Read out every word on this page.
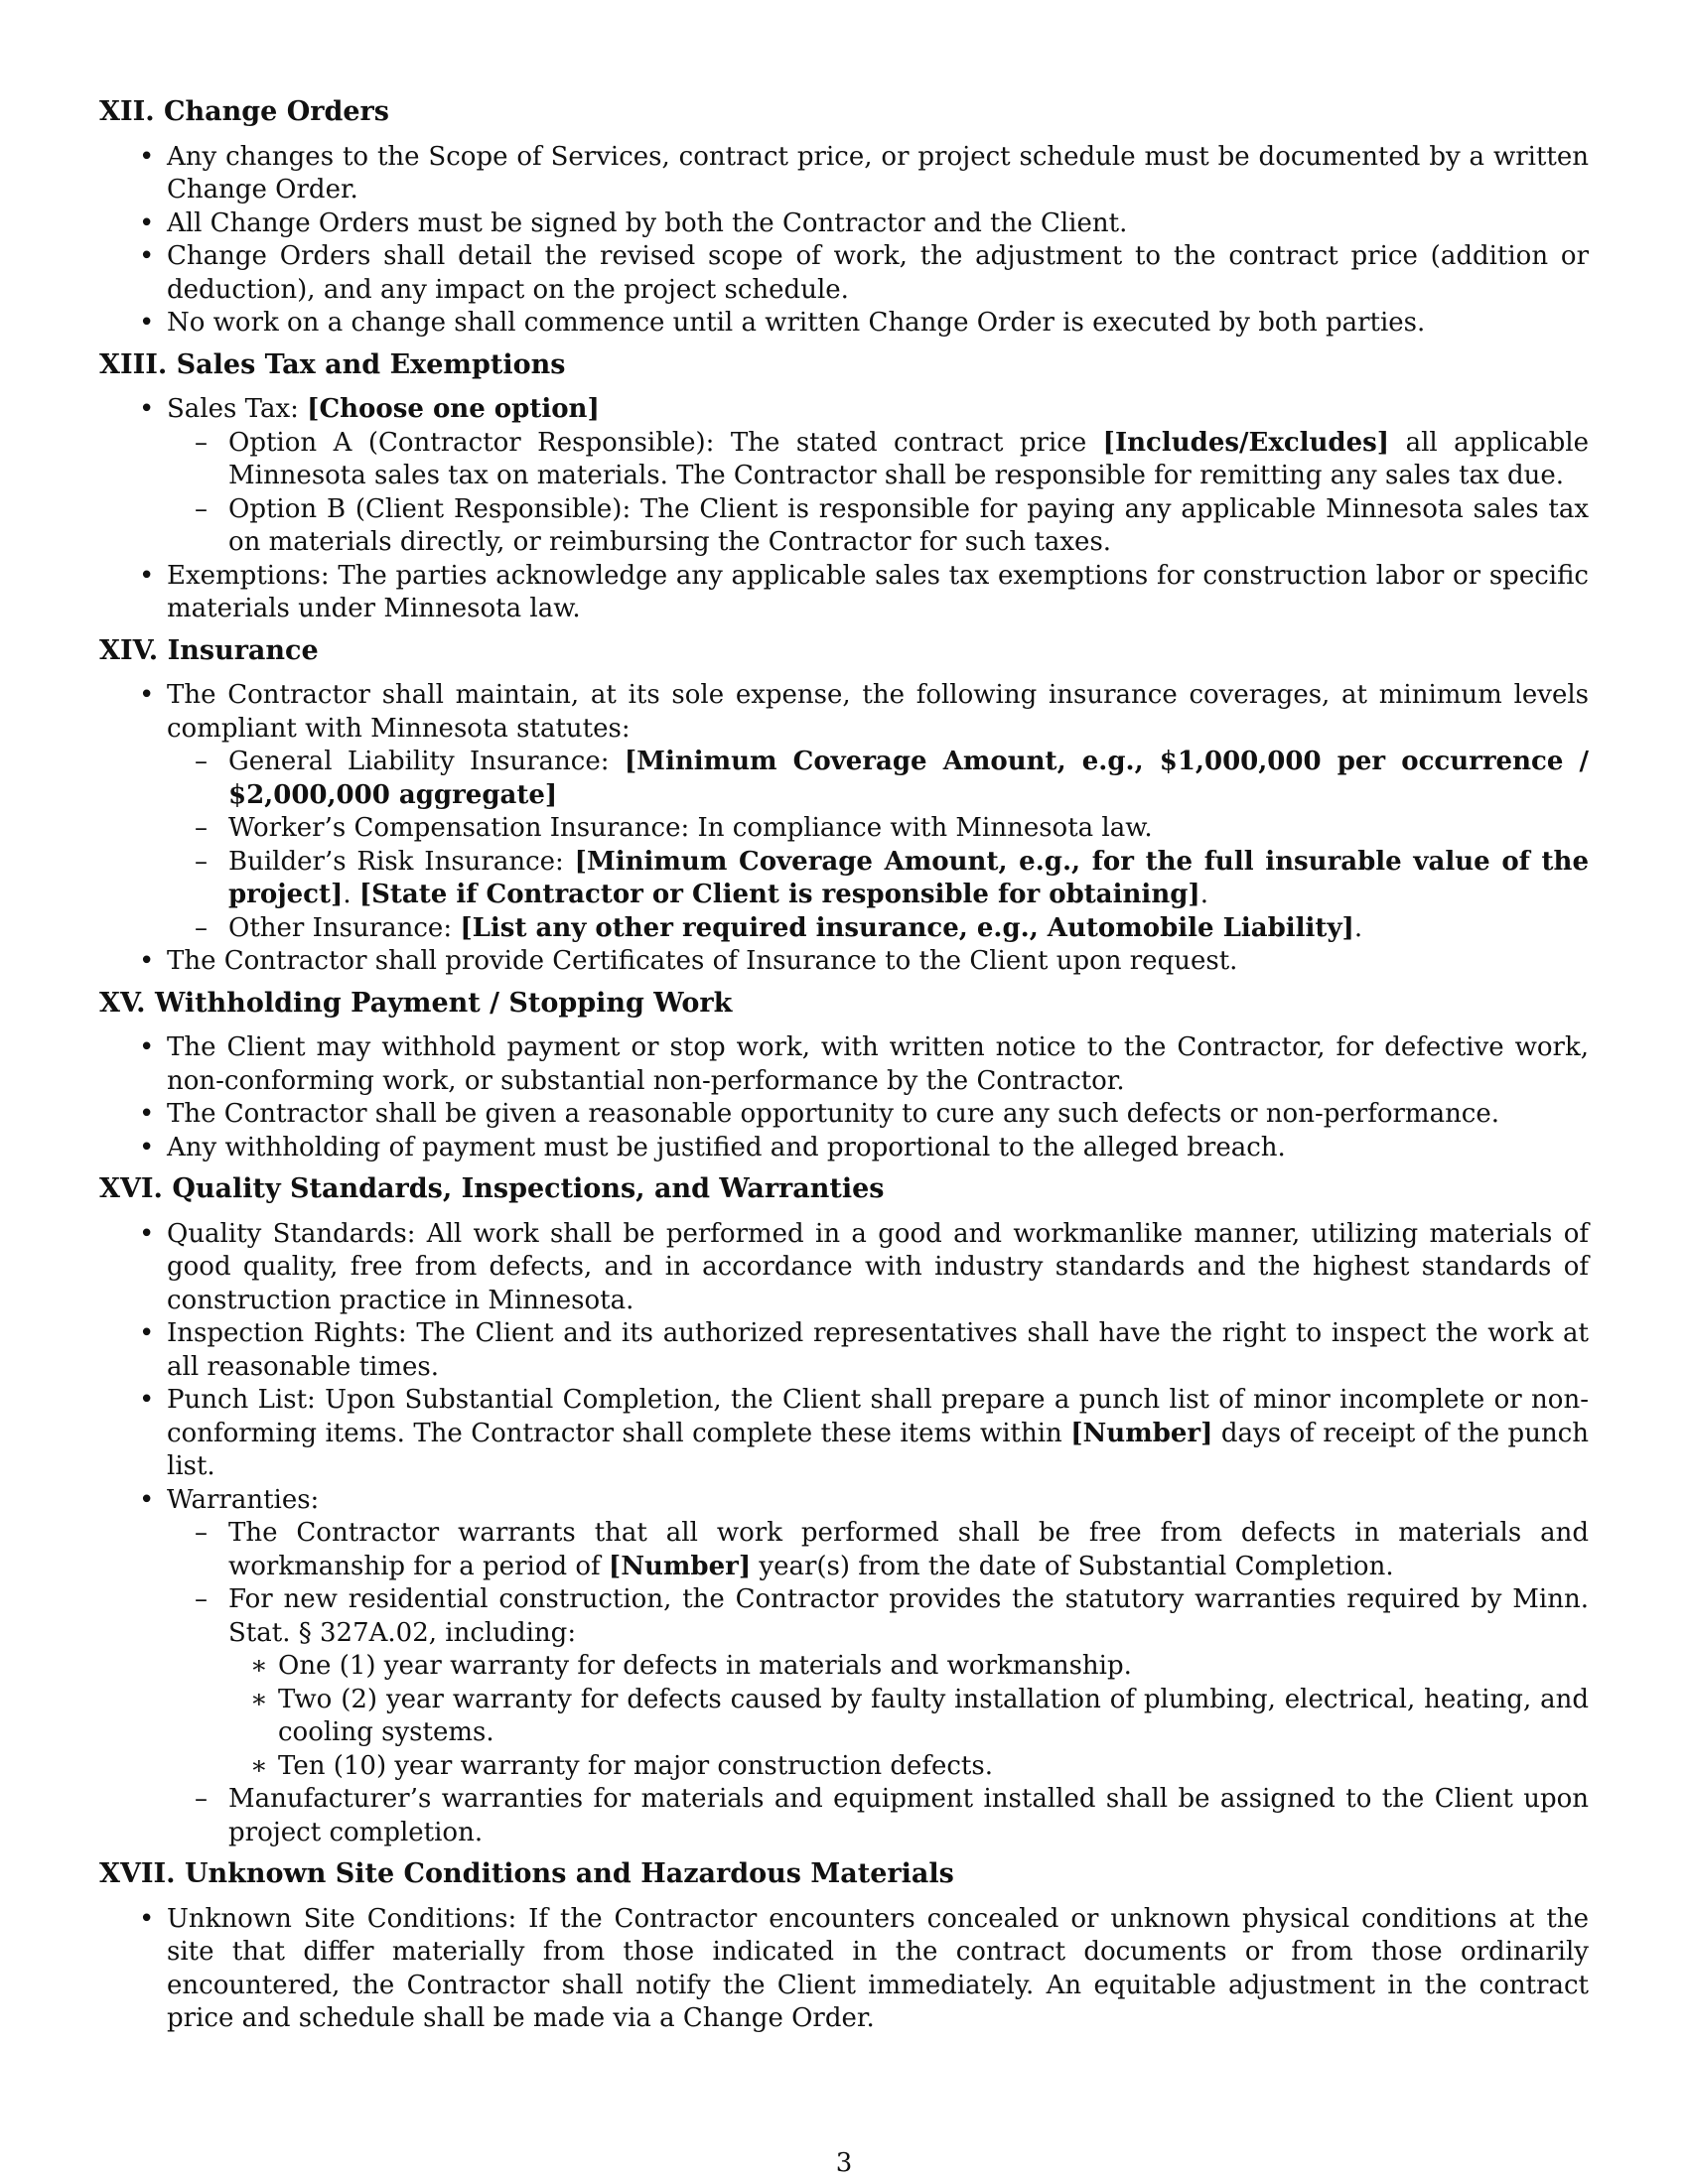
XII. Change Orders
• Any changes to the Scope of Services, contract price, or project schedule must be documented by a written Change Order.
• All Change Orders must be signed by both the Contractor and the Client.
• Change Orders shall detail the revised scope of work, the adjustment to the contract price (addition or deduction), and any impact on the project schedule.
• No work on a change shall commence until a written Change Order is executed by both parties.
XIII. Sales Tax and Exemptions
• Sales Tax: [Choose one option]
– Option A (Contractor Responsible): The stated contract price [Includes/Excludes] all applicable Minnesota sales tax on materials. The Contractor shall be responsible for remitting any sales tax due.
– Option B (Client Responsible): The Client is responsible for paying any applicable Minnesota sales tax on materials directly, or reimbursing the Contractor for such taxes.
• Exemptions: The parties acknowledge any applicable sales tax exemptions for construction labor or specific materials under Minnesota law.
XIV. Insurance
• The Contractor shall maintain, at its sole expense, the following insurance coverages, at minimum levels compliant with Minnesota statutes:
– General Liability Insurance: [Minimum Coverage Amount, e.g., $1,000,000 per occurrence / $2,000,000 aggregate]
– Worker’s Compensation Insurance: In compliance with Minnesota law.
– Builder’s Risk Insurance: [Minimum Coverage Amount, e.g., for the full insurable value of the project]. [State if Contractor or Client is responsible for obtaining].
– Other Insurance: [List any other required insurance, e.g., Automobile Liability].
• The Contractor shall provide Certificates of Insurance to the Client upon request.
XV. Withholding Payment / Stopping Work
• The Client may withhold payment or stop work, with written notice to the Contractor, for defective work, non-conforming work, or substantial non-performance by the Contractor.
• The Contractor shall be given a reasonable opportunity to cure any such defects or non-performance.
• Any withholding of payment must be justified and proportional to the alleged breach.
XVI. Quality Standards, Inspections, and Warranties
• Quality Standards: All work shall be performed in a good and workmanlike manner, utilizing materials of good quality, free from defects, and in accordance with industry standards and the highest standards of construction practice in Minnesota.
• Inspection Rights: The Client and its authorized representatives shall have the right to inspect the work at all reasonable times.
• Punch List: Upon Substantial Completion, the Client shall prepare a punch list of minor incomplete or non-conforming items. The Contractor shall complete these items within [Number] days of receipt of the punch list.
• Warranties:
– The Contractor warrants that all work performed shall be free from defects in materials and workmanship for a period of [Number] year(s) from the date of Substantial Completion.
– For new residential construction, the Contractor provides the statutory warranties required by Minn. Stat. § 327A.02, including:
∗ One (1) year warranty for defects in materials and workmanship.
∗ Two (2) year warranty for defects caused by faulty installation of plumbing, electrical, heating, and cooling systems.
∗ Ten (10) year warranty for major construction defects.
– Manufacturer’s warranties for materials and equipment installed shall be assigned to the Client upon project completion.
XVII. Unknown Site Conditions and Hazardous Materials
• Unknown Site Conditions: If the Contractor encounters concealed or unknown physical conditions at the site that differ materially from those indicated in the contract documents or from those ordinarily encountered, the Contractor shall notify the Client immediately. An equitable adjustment in the contract price and schedule shall be made via a Change Order.
3
